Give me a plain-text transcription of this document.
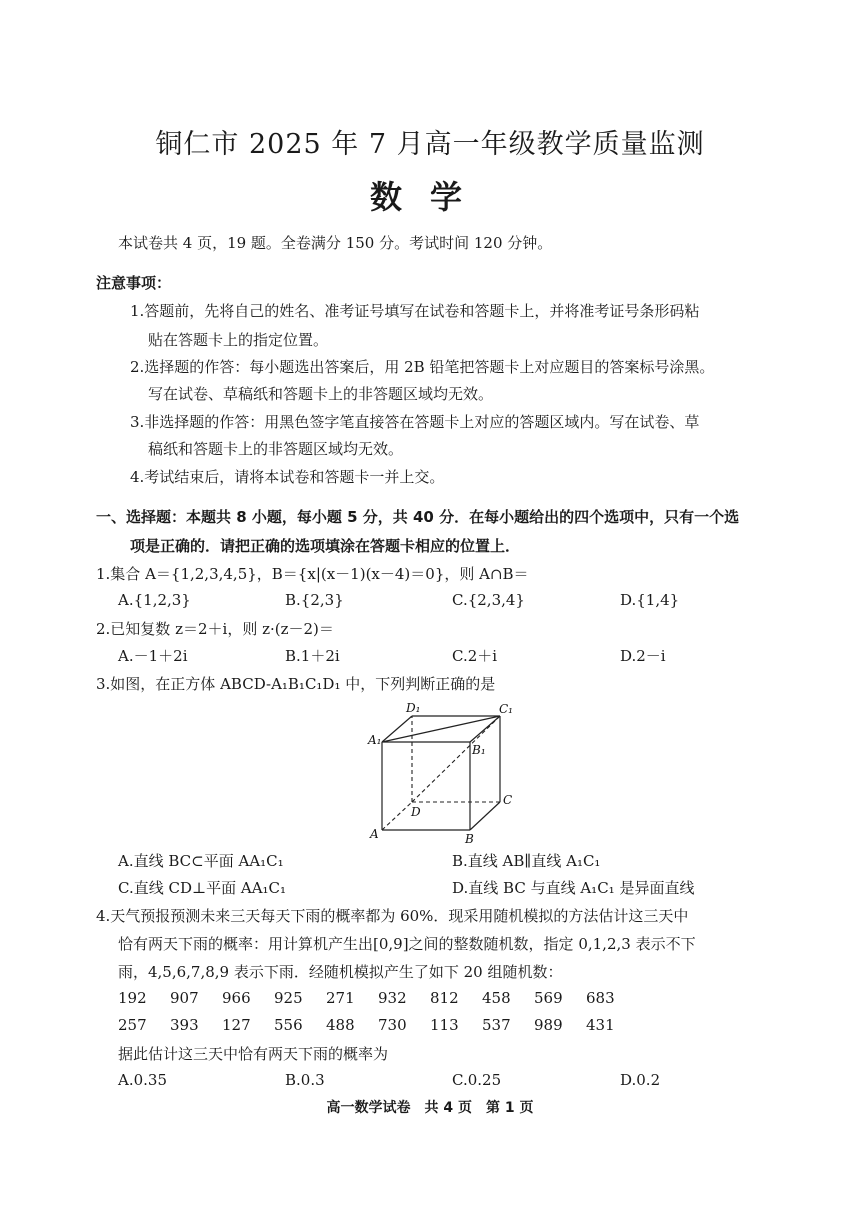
铜仁市 2025 年 7 月高一年级教学质量监测
数学
本试卷共 4 页，19 题。全卷满分 150 分。考试时间 120 分钟。
注意事项：
1.答题前，先将自己的姓名、准考证号填写在试卷和答题卡上，并将准考证号条形码粘
贴在答题卡上的指定位置。
2.选择题的作答：每小题选出答案后，用 2B 铅笔把答题卡上对应题目的答案标号涂黑。
写在试卷、草稿纸和答题卡上的非答题区域均无效。
3.非选择题的作答：用黑色签字笔直接答在答题卡上对应的答题区域内。写在试卷、草
稿纸和答题卡上的非答题区域均无效。
4.考试结束后，请将本试卷和答题卡一并上交。
一、选择题：本题共 8 小题，每小题 5 分，共 40 分．在每小题给出的四个选项中，只有一个选
项是正确的．请把正确的选项填涂在答题卡相应的位置上．
1.集合 A＝{1,2,3,4,5}，B＝{x|(x－1)(x－4)＝0}，则 A∩B＝
A.{1,2,3}	B.{2,3}	C.{2,3,4}	D.{1,4}
2.已知复数 z＝2＋i，则 z·(z－2)＝
A.－1＋2i	B.1＋2i	C.2＋i	D.2－i
3.如图，在正方体 ABCD-A₁B₁C₁D₁ 中，下列判断正确的是
A	B
C
D
A₁
B₁
C₁
D₁
A.直线 BC⊂平面 AA₁C₁	B.直线 AB∥直线 A₁C₁
C.直线 CD⊥平面 AA₁C₁	D.直线 BC 与直线 A₁C₁ 是异面直线
4.天气预报预测未来三天每天下雨的概率都为 60%．现采用随机模拟的方法估计这三天中
恰有两天下雨的概率：用计算机产生出[0,9]之间的整数随机数，指定 0,1,2,3 表示不下
雨，4,5,6,7,8,9 表示下雨．经随机模拟产生了如下 20 组随机数：
192 907 966 925 271 932 812 458 569 683
257 393 127 556 488 730 113 537 989 431
据此估计这三天中恰有两天下雨的概率为
A.0.35	B.0.3	C.0.25	D.0.2
高一数学试卷　共 4 页　第 1 页
